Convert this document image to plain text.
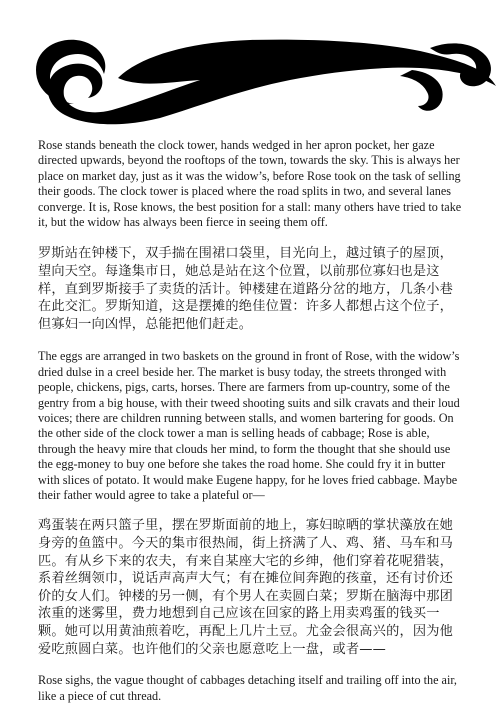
Rose stands beneath the clock tower, hands wedged in her apron pocket, her gaze directed upwards, beyond the rooftops of the town, towards the sky. This is always her place on market day, just as it was the widow’s, before Rose took on the task of selling their goods. The clock tower is placed where the road splits in two, and several lanes converge. It is, Rose knows, the best position for a stall: many others have tried to take it, but the widow has always been fierce in seeing them off.

罗斯站在钟楼下，双手揣在围裙口袋里，目光向上，越过镇子的屋顶，望向天空。每逢集市日，她总是站在这个位置，以前那位寡妇也是这样，直到罗斯接手了卖货的活计。钟楼建在道路分岔的地方，几条小巷在此交汇。罗斯知道，这是摆摊的绝佳位置：许多人都想占这个位子，但寡妇一向凶悍，总能把他们赶走。

The eggs are arranged in two baskets on the ground in front of Rose, with the widow’s dried dulse in a creel beside her. The market is busy today, the streets thronged with people, chickens, pigs, carts, horses. There are farmers from up-country, some of the gentry from a big house, with their tweed shooting suits and silk cravats and their loud voices; there are children running between stalls, and women bartering for goods. On the other side of the clock tower a man is selling heads of cabbage; Rose is able, through the heavy mire that clouds her mind, to form the thought that she should use the egg-money to buy one before she takes the road home. She could fry it in butter with slices of potato. It would make Eugene happy, for he loves fried cabbage. Maybe their father would agree to take a plateful or—

鸡蛋装在两只篮子里，摆在罗斯面前的地上，寡妇晾晒的掌状藻放在她身旁的鱼篮中。今天的集市很热闹，街上挤满了人、鸡、猪、马车和马匹。有从乡下来的农夫，有来自某座大宅的乡绅，他们穿着花呢猎装，系着丝绸领巾，说话声高声大气；有在摊位间奔跑的孩童，还有讨价还价的女人们。钟楼的另一侧，有个男人在卖圆白菜；罗斯在脑海中那团浓重的迷雾里，费力地想到自己应该在回家的路上用卖鸡蛋的钱买一颗。她可以用黄油煎着吃，再配上几片土豆。尤金会很高兴的，因为他爱吃煎圆白菜。也许他们的父亲也愿意吃上一盘，或者——

Rose sighs, the vague thought of cabbages detaching itself and trailing off into the air, like a piece of cut thread.
